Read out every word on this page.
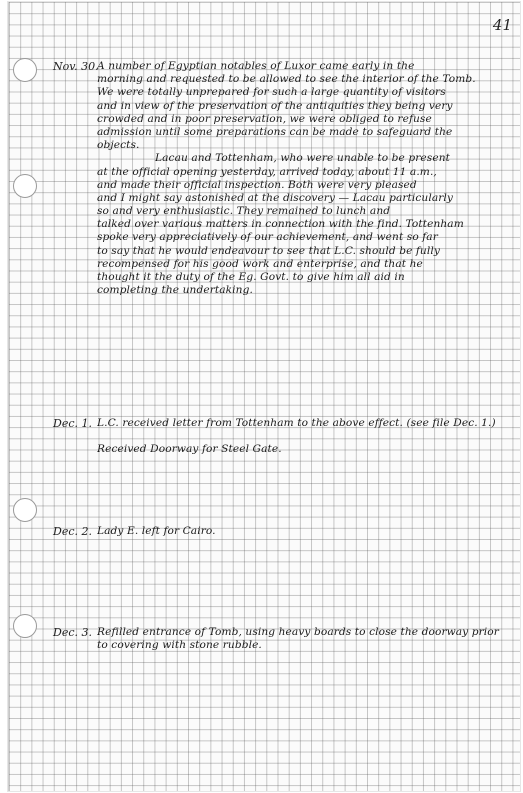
41
Nov. 30.
A number of Egyptian notables of Luxor came early in the
morning and requested to be allowed to see the interior of the Tomb.
We were totally unprepared for such a large quantity of visitors
and in view of the preservation of the antiquities they being very
crowded and in poor preservation, we were obliged to refuse
admission until some preparations can be made to safeguard the
objects.
Lacau and Tottenham, who were unable to be present
at the official opening yesterday, arrived today, about 11 a.m.,
and made their official inspection. Both were very pleased
and I might say astonished at the discovery — Lacau particularly
so and very enthusiastic. They remained to lunch and
talked over various matters in connection with the find. Tottenham
spoke very appreciatively of our achievement, and went so far
to say that he would endeavour to see that L.C. should be fully
recompensed for his good work and enterprise, and that he
thought it the duty of the Eg. Govt. to give him all aid in
completing the undertaking.
Dec. 1. L.C. received letter from Tottenham to the above effect. (see file Dec. 1.)
Received Doorway for Steel Gate.
Dec. 2. Lady E. left for Cairo.
Dec. 3. Refilled entrance of Tomb, using heavy boards to close the doorway prior
to covering with stone rubble.
